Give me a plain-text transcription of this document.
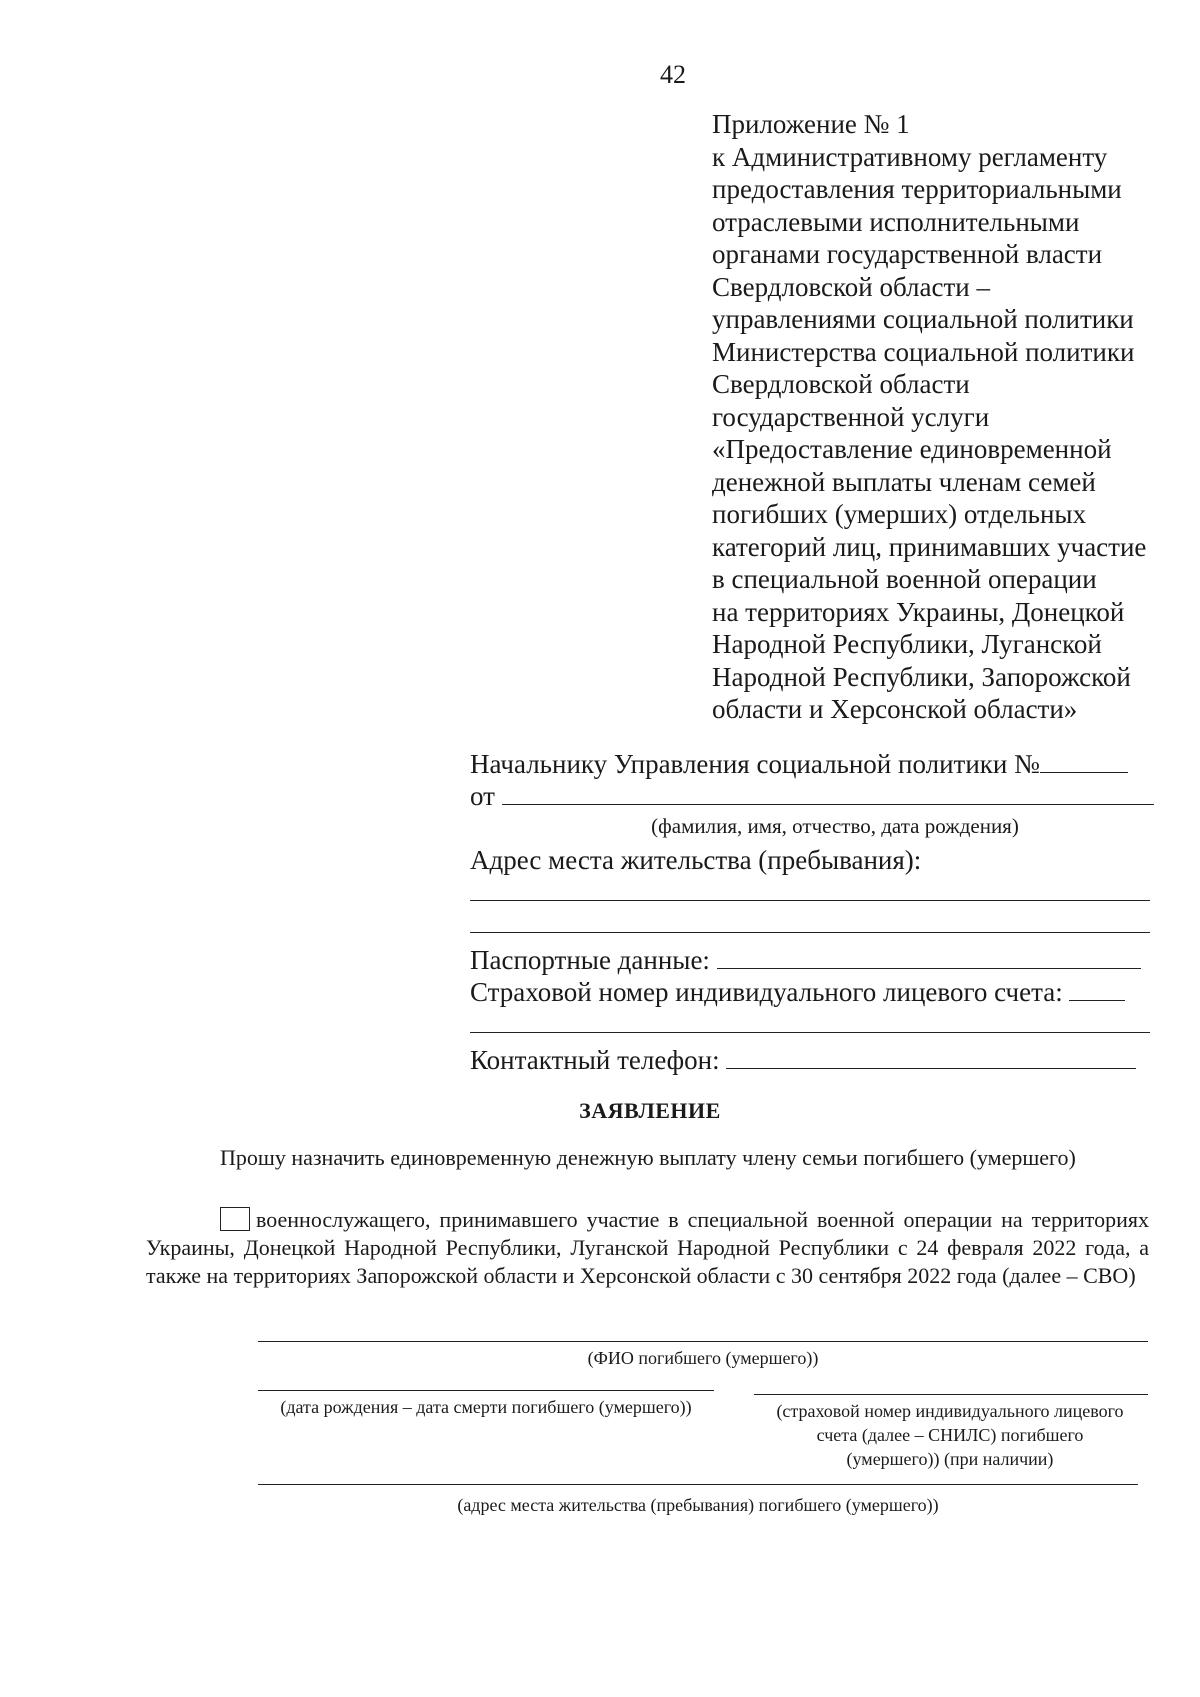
42
Приложение № 1
к Административному регламенту
предоставления территориальными
отраслевыми исполнительными
органами государственной власти
Свердловской области –
управлениями социальной политики
Министерства социальной политики
Свердловской области
государственной услуги
«Предоставление единовременной
денежной выплаты членам семей
погибших (умерших) отдельных
категорий лиц, принимавших участие
в специальной военной операции
на территориях Украины, Донецкой
Народной Республики, Луганской
Народной Республики, Запорожской
области и Херсонской области»
Начальнику Управления социальной политики №
от
(фамилия, имя, отчество, дата рождения)
Адрес места жительства (пребывания):
Паспортные данные:
Страховой номер индивидуального лицевого счета:
Контактный телефон:
ЗАЯВЛЕНИЕ

Прошу назначить единовременную денежную выплату члену семьи погибшего (умершего)

военнослужащего, принимавшего участие в специальной военной операции на территориях Украины, Донецкой Народной Республики, Луганской Народной Республики с 24 февраля 2022 года, а также на территориях Запорожской области и Херсонской области с 30 сентября 2022 года (далее – СВО)

(ФИО погибшего (умершего))
(дата рождения – дата смерти погибшего (умершего))	(страховой номер индивидуального лицевого
счета (далее – СНИЛС) погибшего
(умершего)) (при наличии)
(адрес места жительства (пребывания) погибшего (умершего))
